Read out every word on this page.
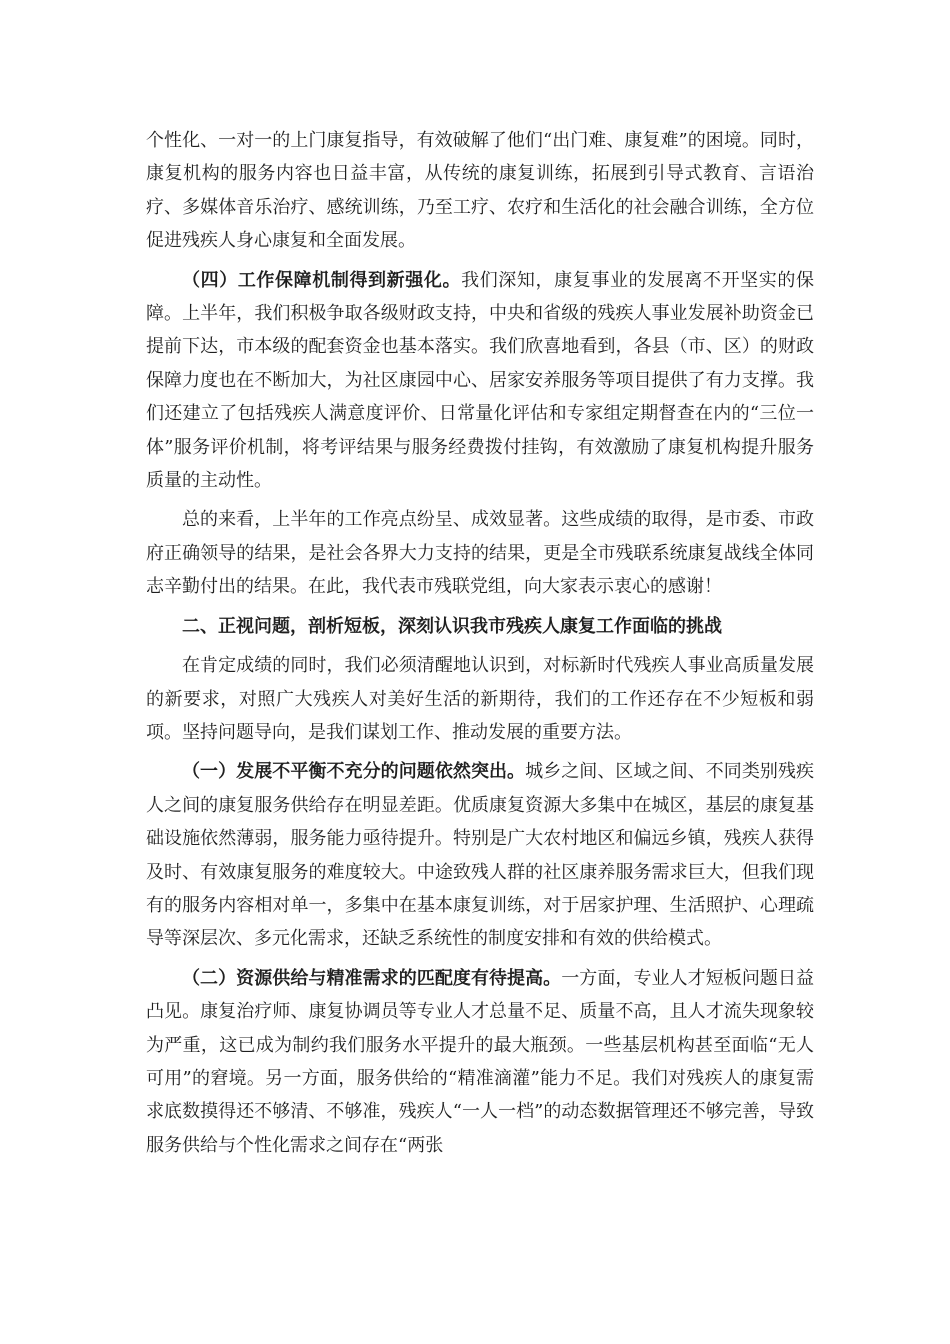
个性化、一对一的上门康复指导，有效破解了他们“出门难、康复难”的困境。同时，康复机构的服务内容也日益丰富，从传统的康复训练，拓展到引导式教育、言语治疗、多媒体音乐治疗、感统训练，乃至工疗、农疗和生活化的社会融合训练，全方位促进残疾人身心康复和全面发展。

（四）工作保障机制得到新强化。我们深知，康复事业的发展离不开坚实的保障。上半年，我们积极争取各级财政支持，中央和省级的残疾人事业发展补助资金已提前下达，市本级的配套资金也基本落实。我们欣喜地看到，各县（市、区）的财政保障力度也在不断加大，为社区康园中心、居家安养服务等项目提供了有力支撑。我们还建立了包括残疾人满意度评价、日常量化评估和专家组定期督查在内的“三位一体”服务评价机制，将考评结果与服务经费拨付挂钩，有效激励了康复机构提升服务质量的主动性。

总的来看，上半年的工作亮点纷呈、成效显著。这些成绩的取得，是市委、市政府正确领导的结果，是社会各界大力支持的结果，更是全市残联系统康复战线全体同志辛勤付出的结果。在此，我代表市残联党组，向大家表示衷心的感谢！

二、正视问题，剖析短板，深刻认识我市残疾人康复工作面临的挑战

在肯定成绩的同时，我们必须清醒地认识到，对标新时代残疾人事业高质量发展的新要求，对照广大残疾人对美好生活的新期待，我们的工作还存在不少短板和弱项。坚持问题导向，是我们谋划工作、推动发展的重要方法。

（一）发展不平衡不充分的问题依然突出。城乡之间、区域之间、不同类别残疾人之间的康复服务供给存在明显差距。优质康复资源大多集中在城区，基层的康复基础设施依然薄弱，服务能力亟待提升。特别是广大农村地区和偏远乡镇，残疾人获得及时、有效康复服务的难度较大。中途致残人群的社区康养服务需求巨大，但我们现有的服务内容相对单一，多集中在基本康复训练，对于居家护理、生活照护、心理疏导等深层次、多元化需求，还缺乏系统性的制度安排和有效的供给模式。

（二）资源供给与精准需求的匹配度有待提高。一方面，专业人才短板问题日益凸见。康复治疗师、康复协调员等专业人才总量不足、质量不高，且人才流失现象较为严重，这已成为制约我们服务水平提升的最大瓶颈。一些基层机构甚至面临“无人可用”的窘境。另一方面，服务供给的“精准滴灌”能力不足。我们对残疾人的康复需求底数摸得还不够清、不够准，残疾人“一人一档”的动态数据管理还不够完善，导致服务供给与个性化需求之间存在“两张
